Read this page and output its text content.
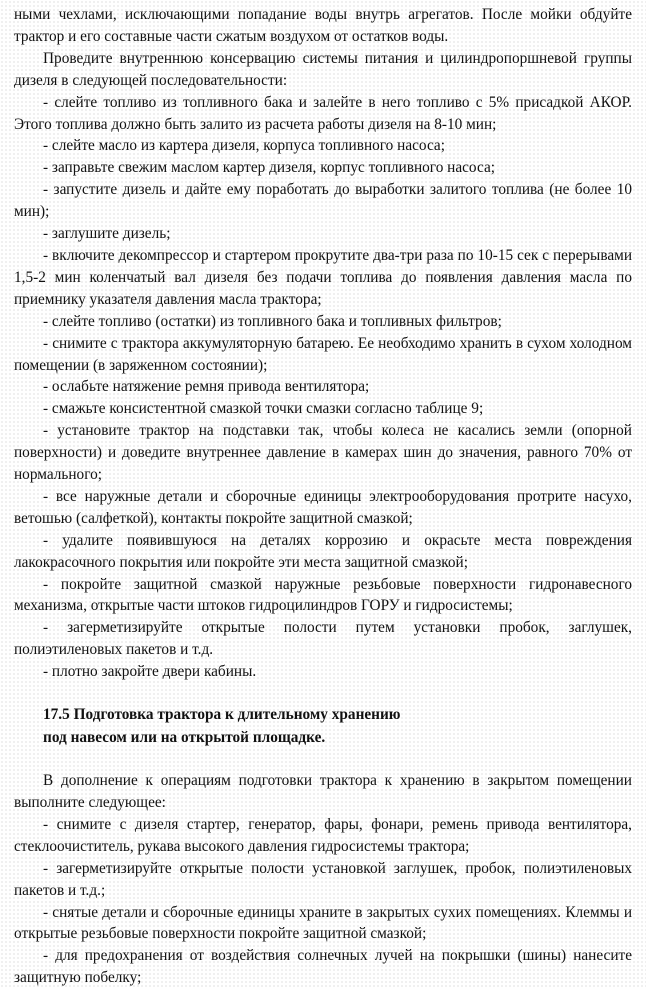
ными чехлами, исключающими попадание воды внутрь агрегатов. После мойки обдуйте трактор и его составные части сжатым воздухом от остатков воды.

Проведите внутреннюю консервацию системы питания и цилиндропоршневой группы дизеля в следующей последовательности:

- слейте топливо из топливного бака и залейте в него топливо с 5% присадкой АКОР. Этого топлива должно быть залито из расчета работы дизеля на 8-10 мин;

- слейте масло из картера дизеля, корпуса топливного насоса;

- заправьте свежим маслом картер дизеля, корпус топливного насоса;

- запустите дизель и дайте ему поработать до выработки залитого топлива (не более 10 мин);

- заглушите дизель;

- включите декомпрессор и стартером прокрутите два-три раза по 10-15 сек с перерывами 1,5-2 мин коленчатый вал дизеля без подачи топлива до появления давления масла по приемнику указателя давления масла трактора;

- слейте топливо (остатки) из топливного бака и топливных фильтров;

- снимите с трактора аккумуляторную батарею. Ее необходимо хранить в сухом холодном помещении (в заряженном состоянии);

- ослабьте натяжение ремня привода вентилятора;

- смажьте консистентной смазкой точки смазки согласно таблице 9;

- установите трактор на подставки так, чтобы колеса не касались земли (опорной поверхности) и доведите внутреннее давление в камерах шин до значения, равного 70% от нормального;

- все наружные детали и сборочные единицы электрооборудования протрите насухо, ветошью (салфеткой), контакты покройте защитной смазкой;

- удалите появившуюся на деталях коррозию и окрасьте места повреждения лакокрасочного покрытия или покройте эти места защитной смазкой;

- покройте защитной смазкой наружные резьбовые поверхности гидронавесного механизма, открытые части штоков гидроцилиндров ГОРУ и гидросистемы;

- загерметизируйте открытые полости путем установки пробок, заглушек, полиэтиленовых пакетов и т.д.

- плотно закройте двери кабины.

17.5 Подготовка трактора к длительному хранению
под навесом или на открытой площадке.

В дополнение к операциям подготовки трактора к хранению в закрытом помещении выполните следующее:

- снимите с дизеля стартер, генератор, фары, фонари, ремень привода вентилятора, стеклоочиститель, рукава высокого давления гидросистемы трактора;

- загерметизируйте открытые полости установкой заглушек, пробок, полиэтиленовых пакетов и т.д.;

- снятые детали и сборочные единицы храните в закрытых сухих помещениях. Клеммы и открытые резьбовые поверхности покройте защитной смазкой;

- для предохранения от воздействия солнечных лучей на покрышки (шины) нанесите защитную побелку;
